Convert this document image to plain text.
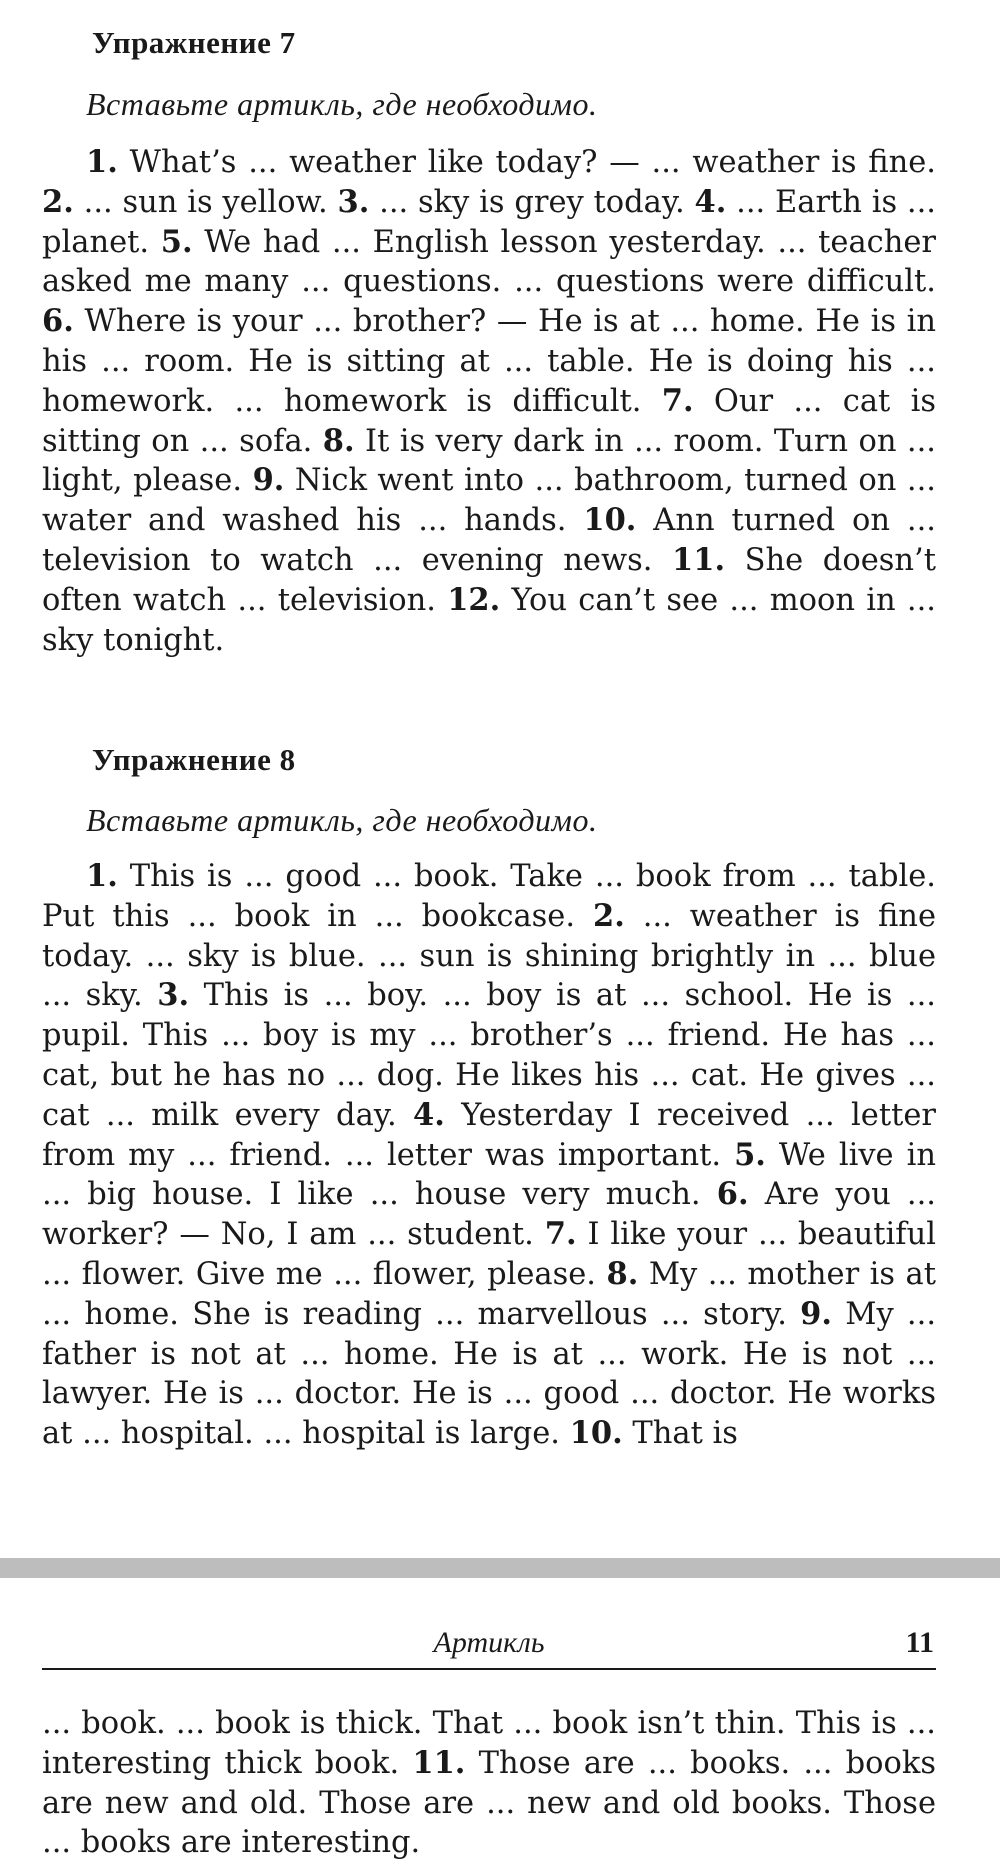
Упражнение 7
Вставьте артикль, где необходимо.

1. What’s ... weather like today? — ... weather is fine. 2. ... sun is yellow. 3. ... sky is grey today. 4. ... Earth is ... planet. 5. We had ... English lesson yesterday. ... teacher asked me many ... questions. ... questions were difficult. 6. Where is your ... brother? — He is at ... home. He is in his ... room. He is sitting at ... table. He is doing his ... homework. ... homework is difficult. 7. Our ... cat is sitting on ... sofa. 8. It is very dark in ... room. Turn on ... light, please. 9. Nick went into ... bathroom, turned on ... water and washed his ... hands. 10. Ann turned on ... television to watch ... evening news. 11. She doesn’t often watch ... television. 12. You can’t see ... moon in ... sky tonight.

Упражнение 8
Вставьте артикль, где необходимо.

1. This is ... good ... book. Take ... book from ... table. Put this ... book in ... bookcase. 2. ... weather is fine today. ... sky is blue. ... sun is shining brightly in ... blue ... sky. 3. This is ... boy. ... boy is at ... school. He is ... pupil. This ... boy is my ... brother’s ... friend. He has ... cat, but he has no ... dog. He likes his ... cat. He gives ... cat ... milk every day. 4. Yesterday I received ... letter from my ... friend. ... letter was important. 5. We live in ... big house. I like ... house very much. 6. Are you ... worker? — No, I am ... student. 7. I like your ... beautiful ... flower. Give me ... flower, please. 8. My ... mother is at ... home. She is reading ... marvellous ... story. 9. My ... father is not at ... home. He is at ... work. He is not ... lawyer. He is ... doctor. He is ... good ... doctor. He works at ... hospital. ... hospital is large. 10. That is

Артикль	11

... book. ... book is thick. That ... book isn’t thin. This is ... interesting thick book. 11. Those are ... books. ... books are new and old. Those are ... new and old books. Those ... books are interesting.
